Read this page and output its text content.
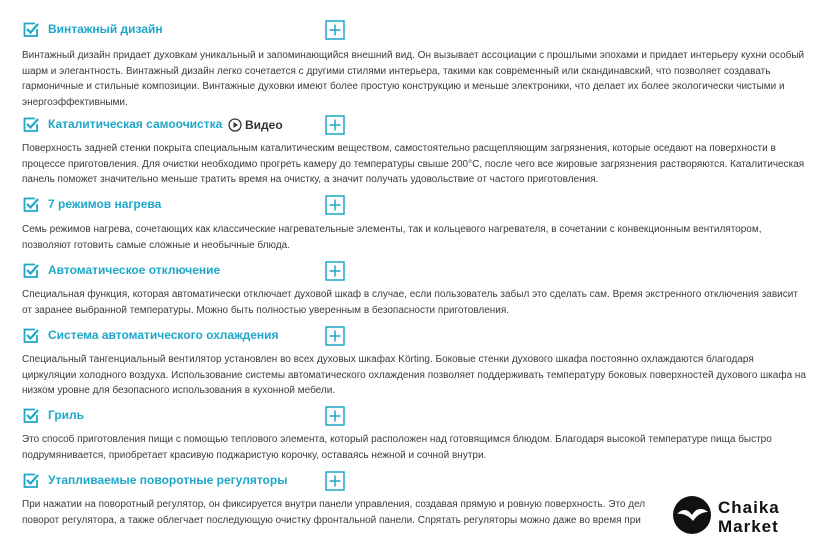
Винтажный дизайн
Винтажный дизайн придает духовкам уникальный и запоминающийся внешний вид. Он вызывает ассоциации с прошлыми эпохами и придает интерьеру кухни особый
шарм и элегантность. Винтажный дизайн легко сочетается с другими стилями интерьера, такими как современный или скандинавский, что позволяет создавать
гармоничные и стильные композиции. Винтажные духовки имеют более простую конструкцию и меньше электроники, что делает их более экологически чистыми и
энергоэффективными.
Каталитическая самоочистка Видео
Поверхность задней стенки покрыта специальным каталитическим веществом, самостоятельно расщепляющим загрязнения, которые оседают на поверхности в
процессе приготовления. Для очистки необходимо прогреть камеру до температуры свыше 200°С, после чего все жировые загрязнения растворяются. Каталитическая
панель поможет значительно меньше тратить время на очистку, а значит получать удовольствие от частого приготовления.
7 режимов нагрева
Семь режимов нагрева, сочетающих как классические нагревательные элементы, так и кольцевого нагревателя, в сочетании с конвекционным вентилятором,
позволяют готовить самые сложные и необычные блюда.
Автоматическое отключение
Специальная функция, которая автоматически отключает духовой шкаф в случае, если пользователь забыл это сделать сам. Время экстренного отключения зависит
от заранее выбранной температуры. Можно быть полностью уверенным в безопасности приготовления.
Система автоматического охлаждения
Специальный тангенциальный вентилятор установлен во всех духовых шкафах Körting. Боковые стенки духового шкафа постоянно охлаждаются благодаря
циркуляции холодного воздуха. Использование системы автоматического охлаждения позволяет поддерживать температуру боковых поверхностей духового шкафа на
низком уровне для безопасного использования в кухонной мебели.
Гриль
Это способ приготовления пищи с помощью теплового элемента, который расположен над готовящимся блюдом. Благодаря высокой температуре пища быстро
подрумянивается, приобретает красивую поджаристую корочку, оставаясь нежной и сочной внутри.
Утапливаемые поворотные регуляторы
При нажатии на поворотный регулятор, он фиксируется внутри панели управления, создавая прямую и ровную поверхность. Это дел
поворот регулятора, а также облегчает последующую очистку фронтальной панели. Спрятать регуляторы можно даже во время при
Chaika
Market
